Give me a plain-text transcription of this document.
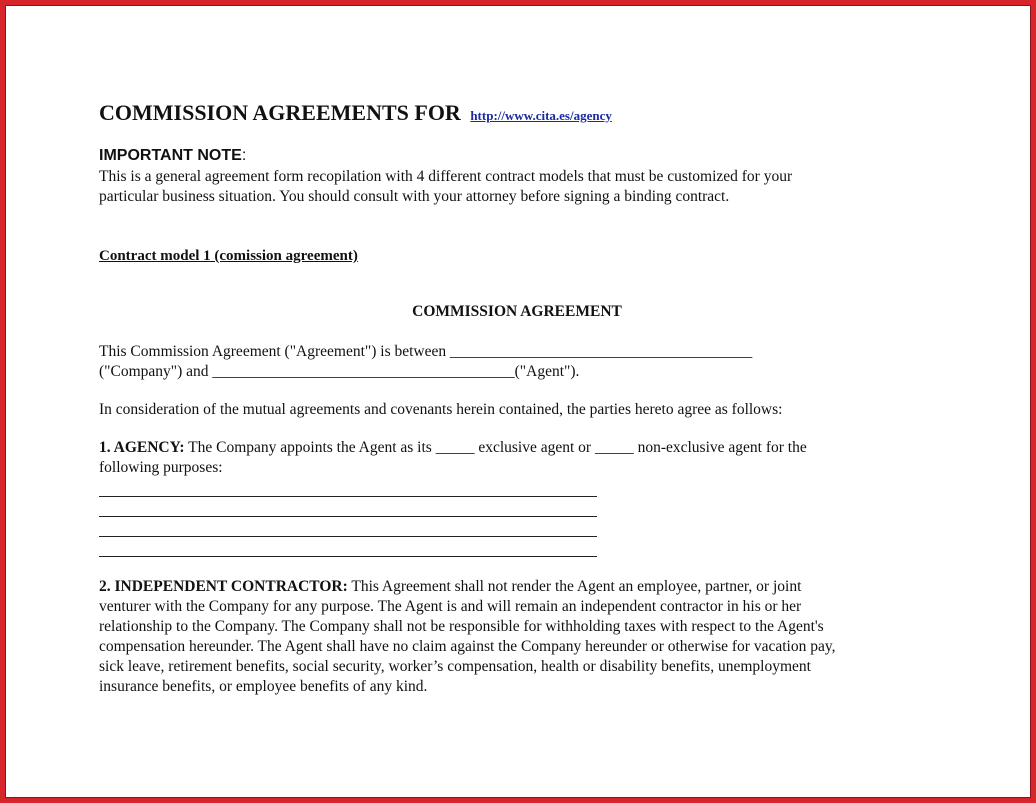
COMMISSION AGREEMENTS FOR http://www.cita.es/agency
IMPORTANT NOTE:
This is a general agreement form recopilation with 4 different contract models that must be customized for your
particular business situation. You should consult with your attorney before signing a binding contract.
Contract model 1 (comission agreement)
COMMISSION AGREEMENT
This Commission Agreement ("Agreement") is between _______________________________________
("Company") and _______________________________________("Agent").
In consideration of the mutual agreements and covenants herein contained, the parties hereto agree as follows:
1. AGENCY: The Company appoints the Agent as its _____ exclusive agent or _____ non-exclusive agent for the
following purposes:
2. INDEPENDENT CONTRACTOR: This Agreement shall not render the Agent an employee, partner, or joint
venturer with the Company for any purpose. The Agent is and will remain an independent contractor in his or her
relationship to the Company. The Company shall not be responsible for withholding taxes with respect to the Agent's
compensation hereunder. The Agent shall have no claim against the Company hereunder or otherwise for vacation pay,
sick leave, retirement benefits, social security, worker’s compensation, health or disability benefits, unemployment
insurance benefits, or employee benefits of any kind.
